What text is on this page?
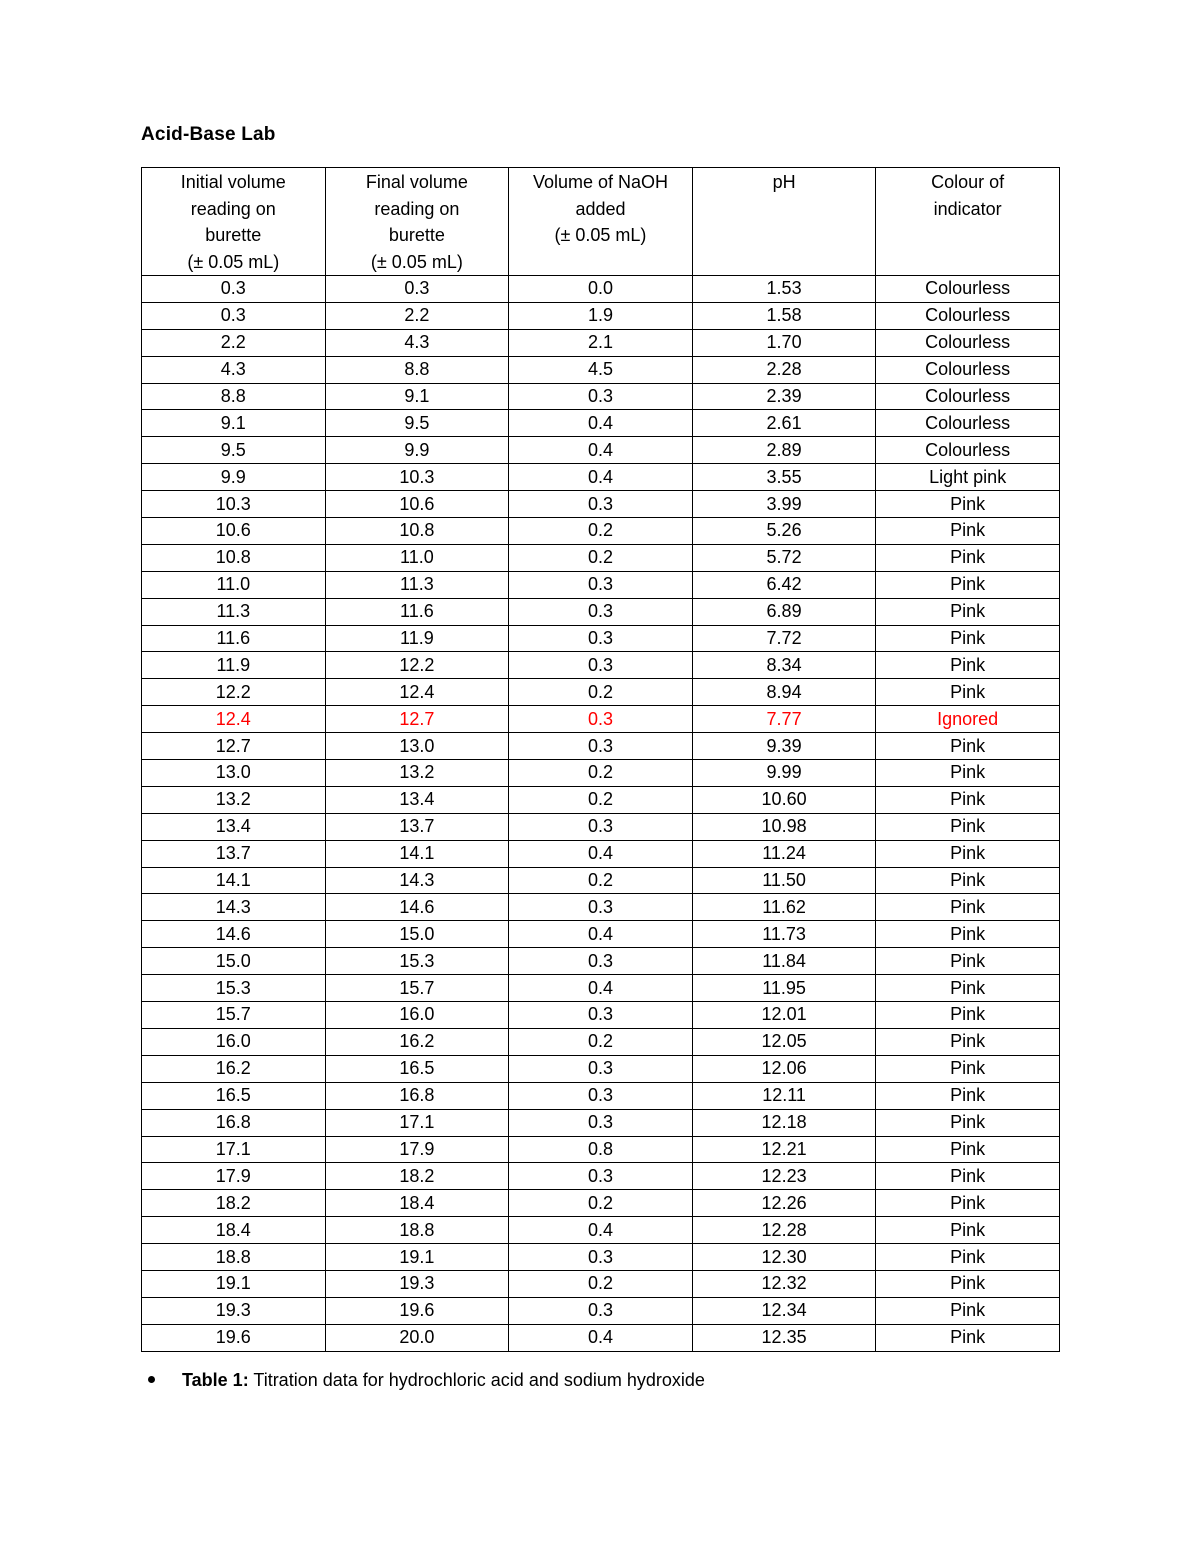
Acid-Base Lab
Initial volume
reading on
burette
(± 0.05 mL)	Final volume
reading on
burette
(± 0.05 mL)	Volume of NaOH
added
(± 0.05 mL)	pH	Colour of
indicator

0.3	0.3	0.0	1.53	Colourless
0.3	2.2	1.9	1.58	Colourless
2.2	4.3	2.1	1.70	Colourless
4.3	8.8	4.5	2.28	Colourless
8.8	9.1	0.3	2.39	Colourless
9.1	9.5	0.4	2.61	Colourless
9.5	9.9	0.4	2.89	Colourless
9.9	10.3	0.4	3.55	Light pink
10.3	10.6	0.3	3.99	Pink
10.6	10.8	0.2	5.26	Pink
10.8	11.0	0.2	5.72	Pink
11.0	11.3	0.3	6.42	Pink
11.3	11.6	0.3	6.89	Pink
11.6	11.9	0.3	7.72	Pink
11.9	12.2	0.3	8.34	Pink
12.2	12.4	0.2	8.94	Pink
12.4	12.7	0.3	7.77	Ignored
12.7	13.0	0.3	9.39	Pink
13.0	13.2	0.2	9.99	Pink
13.2	13.4	0.2	10.60	Pink
13.4	13.7	0.3	10.98	Pink
13.7	14.1	0.4	11.24	Pink
14.1	14.3	0.2	11.50	Pink
14.3	14.6	0.3	11.62	Pink
14.6	15.0	0.4	11.73	Pink
15.0	15.3	0.3	11.84	Pink
15.3	15.7	0.4	11.95	Pink
15.7	16.0	0.3	12.01	Pink
16.0	16.2	0.2	12.05	Pink
16.2	16.5	0.3	12.06	Pink
16.5	16.8	0.3	12.11	Pink
16.8	17.1	0.3	12.18	Pink
17.1	17.9	0.8	12.21	Pink
17.9	18.2	0.3	12.23	Pink
18.2	18.4	0.2	12.26	Pink
18.4	18.8	0.4	12.28	Pink
18.8	19.1	0.3	12.30	Pink
19.1	19.3	0.2	12.32	Pink
19.3	19.6	0.3	12.34	Pink
19.6	20.0	0.4	12.35	Pink
Table 1: Titration data for hydrochloric acid and sodium hydroxide
